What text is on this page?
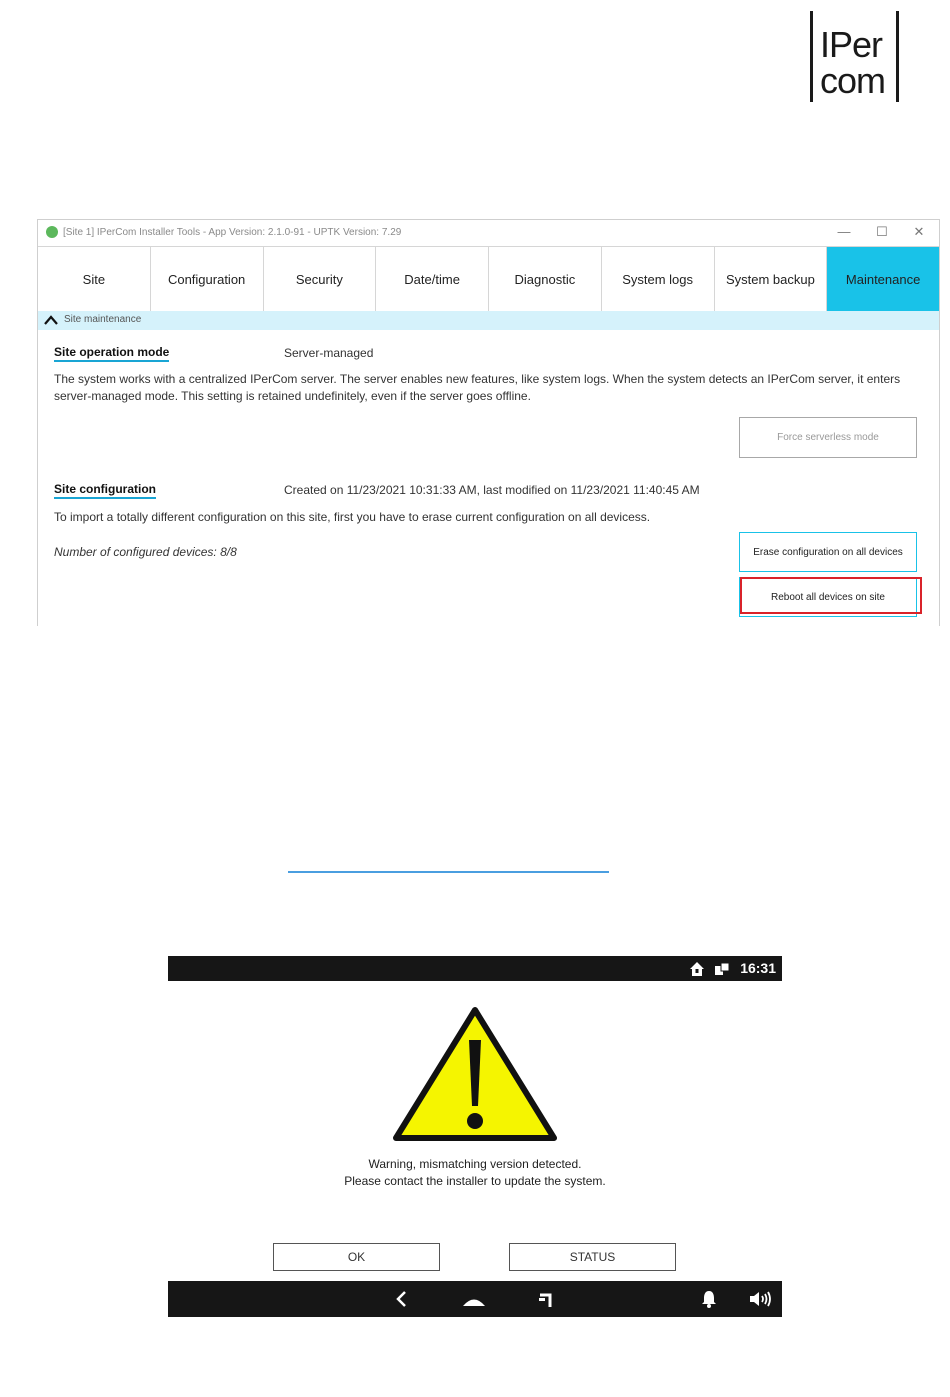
IPer
com
[Site 1] IPerCom Installer Tools - App Version: 2.1.0-91 - UPTK Version: 7.29	—	☐	✕
Site	Configuration	Security	Date/time	Diagnostic	System logs	System backup	Maintenance
Site maintenance
Site operation mode	Server-managed
The system works with a centralized IPerCom server. The server enables new features, like system logs. When the system detects an IPerCom server, it enters server-managed mode. This setting is retained undefinitely, even if the server goes offline.
Force serverless mode
Site configuration	Created on 11/23/2021 10:31:33 AM, last modified on 11/23/2021 11:40:45 AM
To import a totally different configuration on this site, first you have to erase current configuration on all devicess.
Number of configured devices: 8/8	Erase configuration on all devices
Reboot all devices on site
16:31
Warning, mismatching version detected.
Please contact the installer to update the system.
OK	STATUS
